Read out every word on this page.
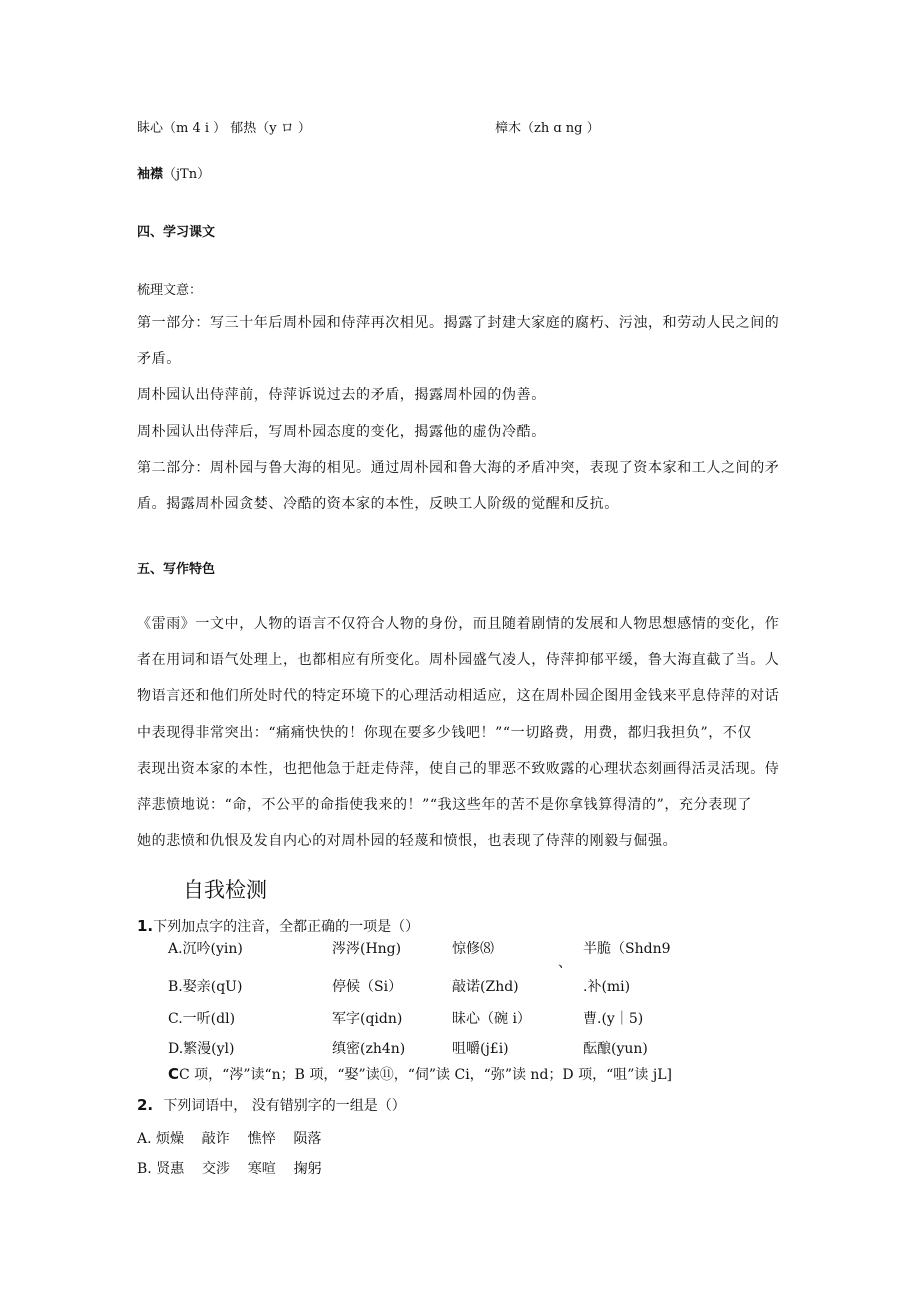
眛心（m 4 i ） 郁热（y ロ ）	樟木（zh ɑ ng ）
袖襟（jTn）
四、学习课文
梳理文意：
第一部分：写三十年后周朴园和侍萍再次相见。揭露了封建大家庭的腐朽、污浊，和劳动人民之间的
矛盾。
周朴园认出侍萍前，侍萍诉说过去的矛盾，揭露周朴园的伪善。
周朴园认出侍萍后，写周朴园态度的变化，揭露他的虚伪冷酷。
第二部分：周朴园与鲁大海的相见。通过周朴园和鲁大海的矛盾冲突，表现了资本家和工人之间的矛
盾。揭露周朴园贪婪、冷酷的资本家的本性，反映工人阶级的觉醒和反抗。
五、写作特色
《雷雨》一文中，人物的语言不仅符合人物的身份，而且随着剧情的发展和人物思想感情的变化，作
者在用词和语气处理上，也都相应有所变化。周朴园盛气凌人，侍萍抑郁平缓，鲁大海直截了当。人
物语言还和他们所处时代的特定环境下的心理活动相适应，这在周朴园企图用金钱来平息侍萍的对话
中表现得非常突出：“痛痛快快的！你现在要多少钱吧！”“一切路费，用费，都归我担负”，不仅
表现出资本家的本性，也把他急于赶走侍萍，使自己的罪恶不致败露的心理状态刻画得活灵活现。侍
萍悲愤地说：“命，不公平的命指使我来的！”“我这些年的苦不是你拿钱算得清的”，充分表现了
她的悲愤和仇恨及发自内心的对周朴园的轻蔑和愤恨，也表现了侍萍的刚毅与倔强。
自我检测
1.下列加点字的注音，全都正确的一项是（）
A.沉吟(yin)	涔涔(Hng)	惊修⑻	半脆（Shdn9
、
B.娶亲(qU)	停候（Si）	敲诺(Zhd)	.补(mi)
C.一听(dl)	军字(qidn)	昧心（碗 i）	曹.(y｜5)
D.繁漫(yl)	缜密(zh4n)	咀嚼(j£i)	酝酿(yun)
CC 项，“涔”读“n；B 项，“娶”读⑪，“伺”读 Ci，“弥”读 nd；D 项，“咀”读 jL]
2. 下列词语中， 没有错别字的一组是（）
A. 烦燥    敲诈    憔悴    陨落
B. 贤惠    交涉    寒喧    掬躬
